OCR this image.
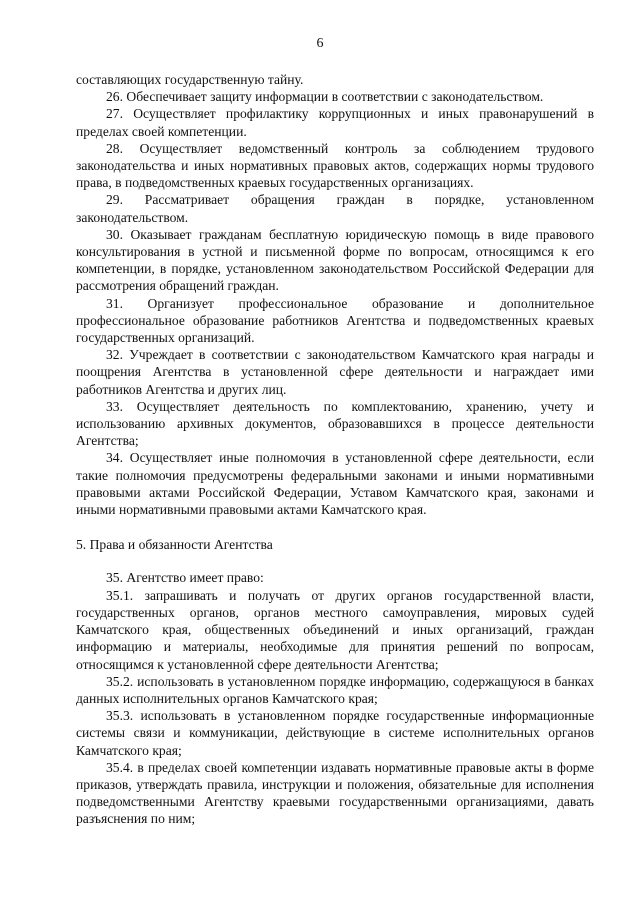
6

составляющих государственную тайну.

26. Обеспечивает защиту информации в соответствии с законодательством.

27. Осуществляет профилактику коррупционных и иных правонарушений в пределах своей компетенции.

28. Осуществляет ведомственный контроль за соблюдением трудового законодательства и иных нормативных правовых актов, содержащих нормы трудового права, в подведомственных краевых государственных организациях.

29. Рассматривает обращения граждан в порядке, установленном законодательством.

30. Оказывает гражданам бесплатную юридическую помощь в виде правового консультирования в устной и письменной форме по вопросам, относящимся к его компетенции, в порядке, установленном законодательством Российской Федерации для рассмотрения обращений граждан.

31. Организует профессиональное образование и дополнительное профессиональное образование работников Агентства и подведомственных краевых государственных организаций.

32. Учреждает в соответствии с законодательством Камчатского края награды и поощрения Агентства в установленной сфере деятельности и награждает ими работников Агентства и других лиц.

33. Осуществляет деятельность по комплектованию, хранению, учету и использованию архивных документов, образовавшихся в процессе деятельности Агентства;

34. Осуществляет иные полномочия в установленной сфере деятельности, если такие полномочия предусмотрены федеральными законами и иными нормативными правовыми актами Российской Федерации, Уставом Камчатского края, законами и иными нормативными правовыми актами Камчатского края.

5. Права и обязанности Агентства

35. Агентство имеет право:

35.1. запрашивать и получать от других органов государственной власти, государственных органов, органов местного самоуправления, мировых судей Камчатского края, общественных объединений и иных организаций, граждан информацию и материалы, необходимые для принятия решений по вопросам, относящимся к установленной сфере деятельности Агентства;

35.2. использовать в установленном порядке информацию, содержащуюся в банках данных исполнительных органов Камчатского края;

35.3. использовать в установленном порядке государственные информационные системы связи и коммуникации, действующие в системе исполнительных органов Камчатского края;

35.4. в пределах своей компетенции издавать нормативные правовые акты в форме приказов, утверждать правила, инструкции и положения, обязательные для исполнения подведомственными Агентству краевыми государственными организациями, давать разъяснения по ним;
